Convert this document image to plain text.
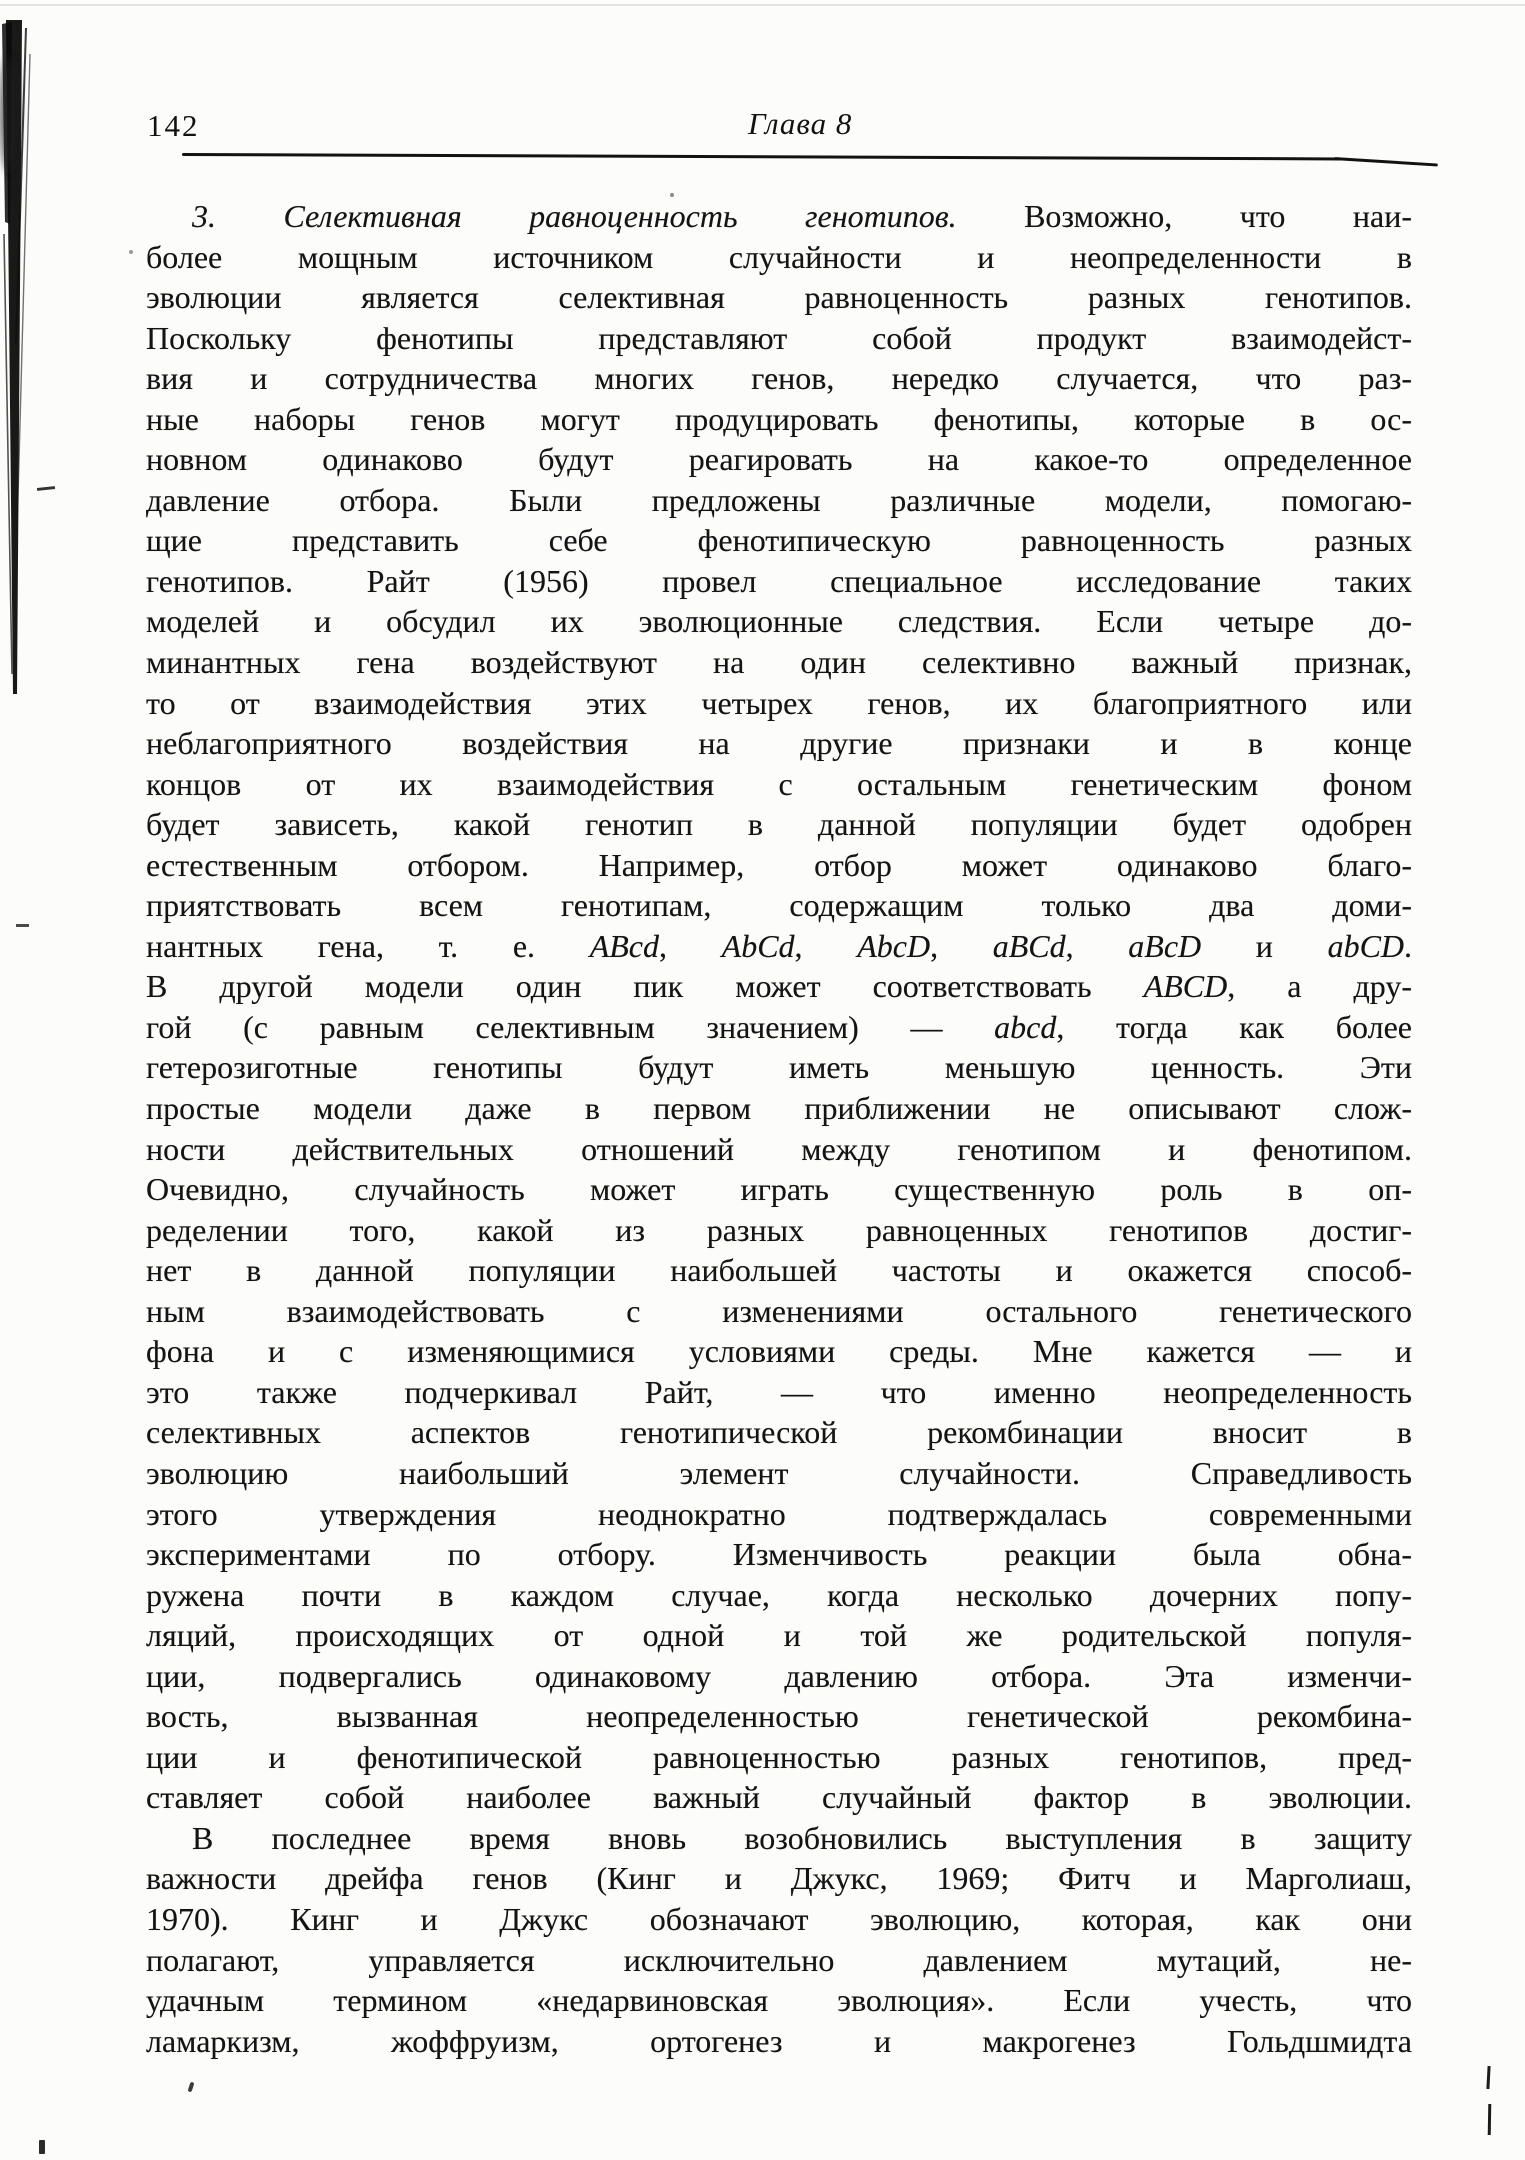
142	Глава 8
3. Селективная равноценность генотипов. Возможно, что наи-
более мощным источником случайности и неопределенности в
эволюции является селективная равноценность разных генотипов.
Поскольку фенотипы представляют собой продукт взаимодейст-
вия и сотрудничества многих генов, нередко случается, что раз-
ные наборы генов могут продуцировать фенотипы, которые в ос-
новном одинаково будут реагировать на какое-то определенное
давление отбора. Были предложены различные модели, помогаю-
щие представить себе фенотипическую равноценность разных
генотипов. Райт (1956) провел специальное исследование таких
моделей и обсудил их эволюционные следствия. Если четыре до-
минантных гена воздействуют на один селективно важный признак,
то от взаимодействия этих четырех генов, их благоприятного или
неблагоприятного воздействия на другие признаки и в конце
концов от их взаимодействия с остальным генетическим фоном
будет зависеть, какой генотип в данной популяции будет одобрен
естественным отбором. Например, отбор может одинаково благо-
приятствовать всем генотипам, содержащим только два доми-
нантных гена, т. е. ABcd, AbCd, AbcD, aBCd, aBcD и abCD.
В другой модели один пик может соответствовать ABCD, а дру-
гой (с равным селективным значением) — abcd, тогда как более
гетерозиготные генотипы будут иметь меньшую ценность. Эти
простые модели даже в первом приближении не описывают слож-
ности действительных отношений между генотипом и фенотипом.
Очевидно, случайность может играть существенную роль в оп-
ределении того, какой из разных равноценных генотипов достиг-
нет в данной популяции наибольшей частоты и окажется способ-
ным взаимодействовать с изменениями остального генетического
фона и с изменяющимися условиями среды. Мне кажется — и
это также подчеркивал Райт, — что именно неопределенность
селективных аспектов генотипической рекомбинации вносит в
эволюцию наибольший элемент случайности. Справедливость
этого утверждения неоднократно подтверждалась современными
экспериментами по отбору. Изменчивость реакции была обна-
ружена почти в каждом случае, когда несколько дочерних попу-
ляций, происходящих от одной и той же родительской популя-
ции, подвергались одинаковому давлению отбора. Эта изменчи-
вость, вызванная неопределенностью генетической рекомбина-
ции и фенотипической равноценностью разных генотипов, пред-
ставляет собой наиболее важный случайный фактор в эволюции.
В последнее время вновь возобновились выступления в защиту
важности дрейфа генов (Кинг и Джукс, 1969; Фитч и Марголиаш,
1970). Кинг и Джукс обозначают эволюцию, которая, как они
полагают, управляется исключительно давлением мутаций, не-
удачным термином «недарвиновская эволюция». Если учесть, что
ламаркизм, жоффруизм, ортогенез и макрогенез Гольдшмидта
